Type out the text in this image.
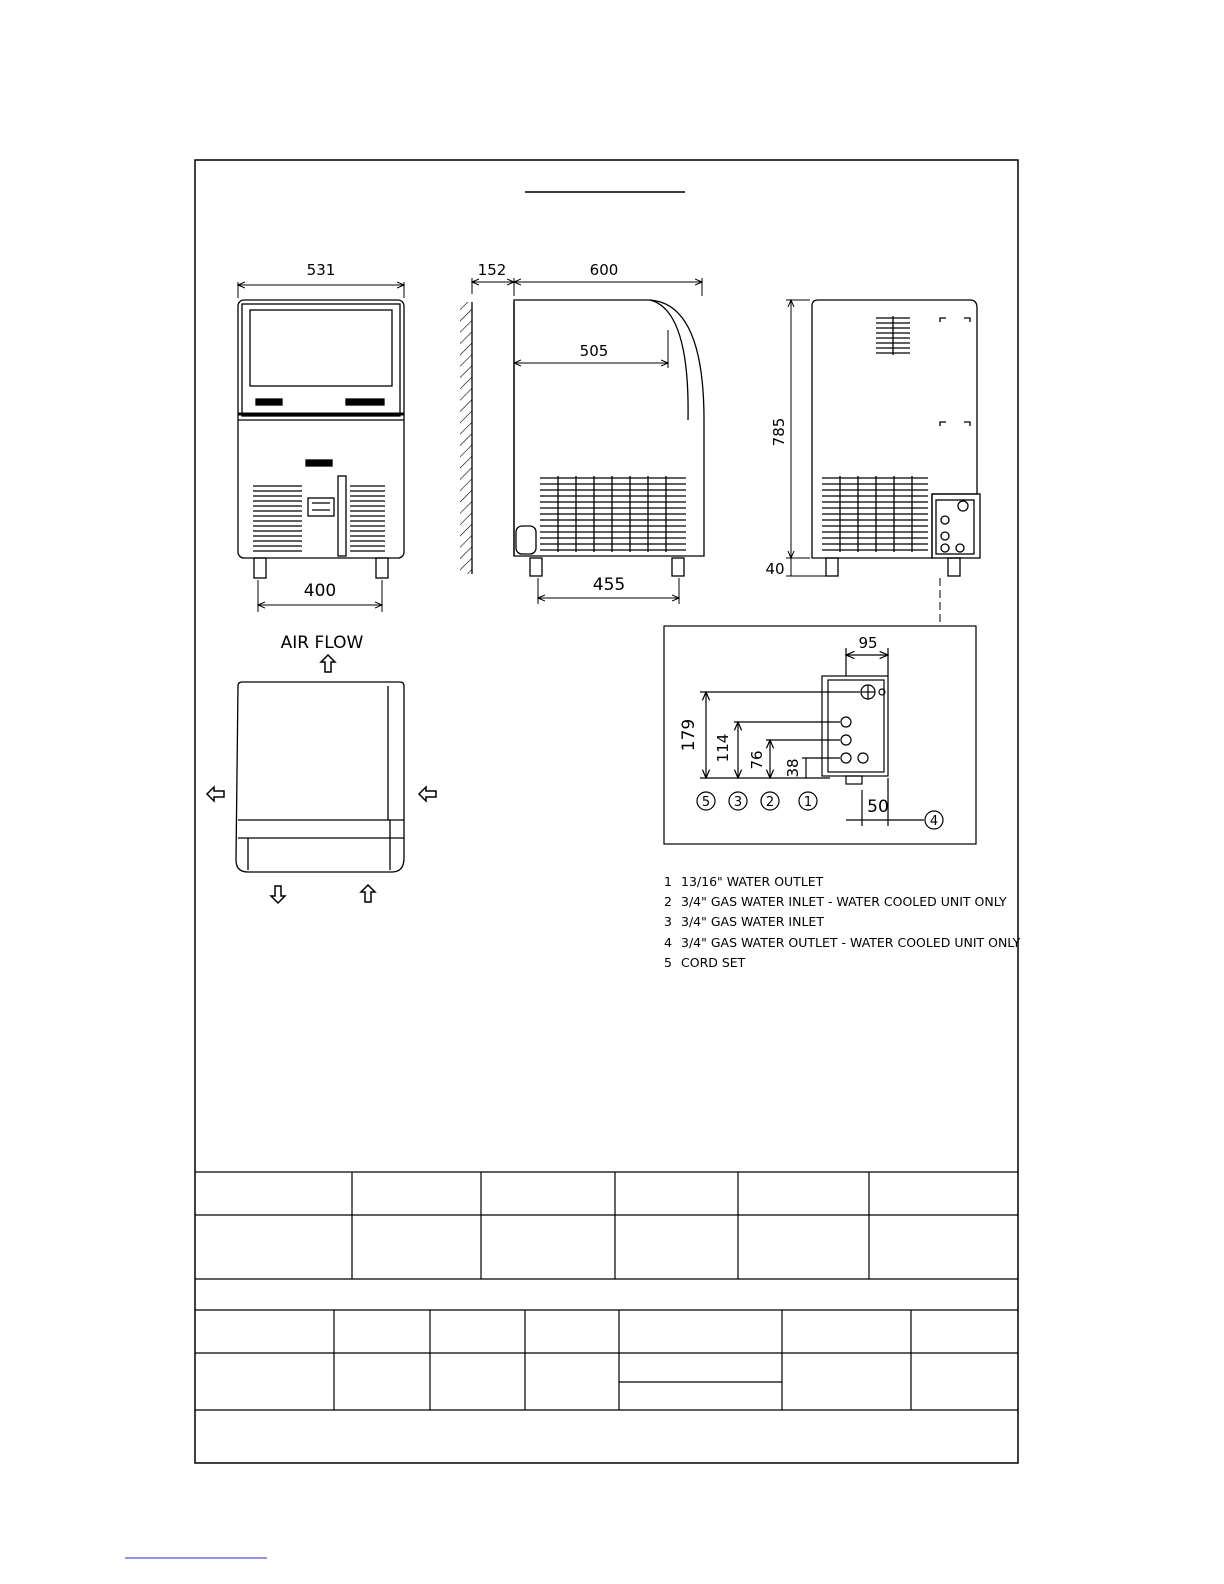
531
400
152	600
505
455
785
40
AIR FLOW	95
179 114 76 38
50
5 3 2 1
4
1 13/16" WATER OUTLET
2 3/4" GAS WATER INLET - WATER COOLED UNIT ONLY
3 3/4" GAS WATER INLET
4 3/4" GAS WATER OUTLET - WATER COOLED UNIT ONLY
5 CORD SET
